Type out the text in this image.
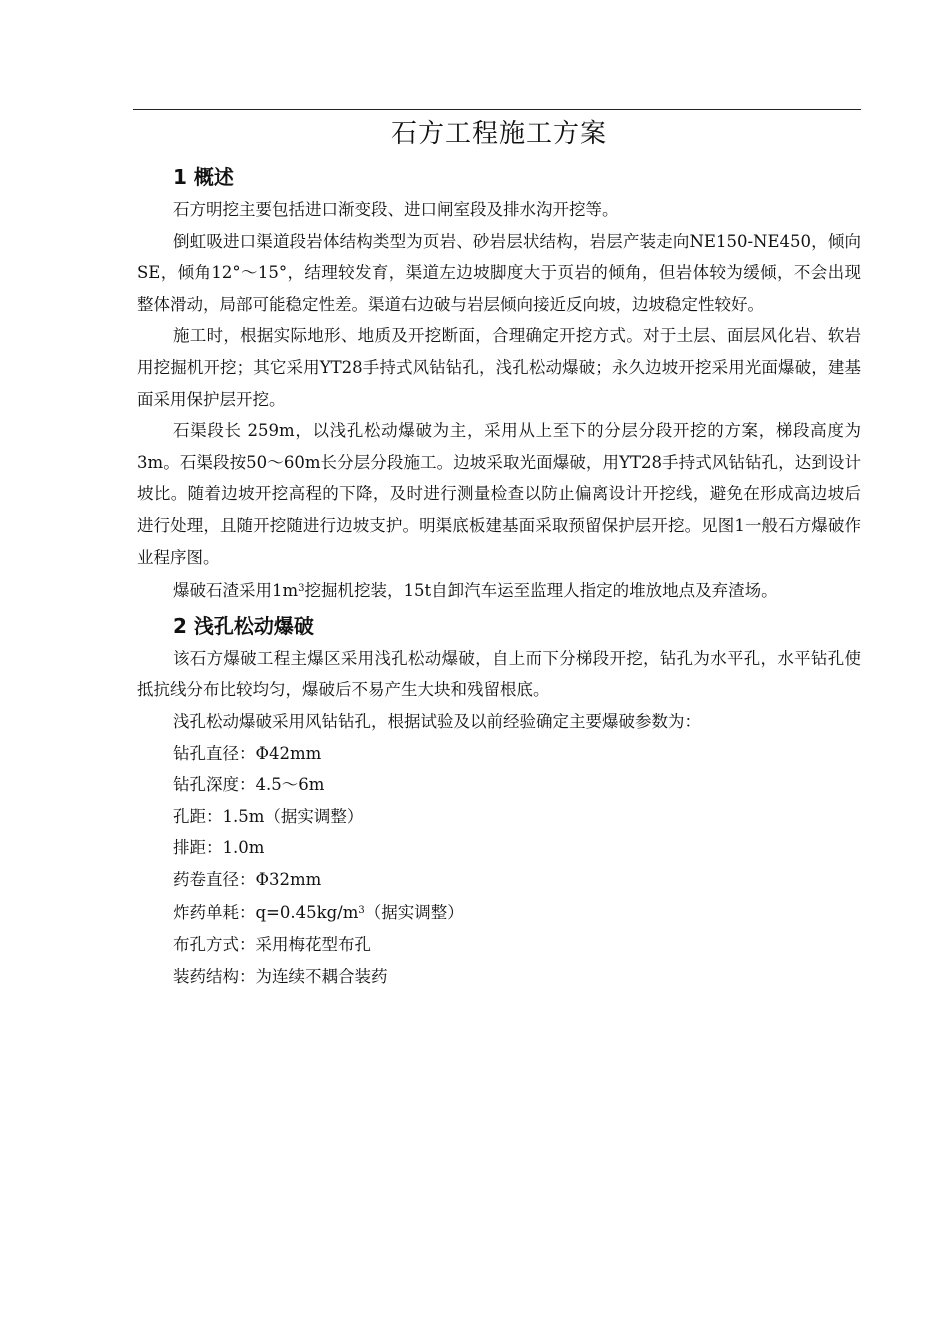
石方工程施工方案
1 概述

石方明挖主要包括进口渐变段、进口闸室段及排水沟开挖等。

倒虹吸进口渠道段岩体结构类型为页岩、砂岩层状结构，岩层产装走向NE150-NE450，倾向SE，倾角12°～15°，结理较发育，渠道左边坡脚度大于页岩的倾角，但岩体较为缓倾，不会出现整体滑动，局部可能稳定性差。渠道右边破与岩层倾向接近反向坡，边坡稳定性较好。

施工时，根据实际地形、地质及开挖断面，合理确定开挖方式。对于土层、面层风化岩、软岩用挖掘机开挖；其它采用YT28手持式风钻钻孔，浅孔松动爆破；永久边坡开挖采用光面爆破，建基面采用保护层开挖。

石渠段长 259m，以浅孔松动爆破为主，采用从上至下的分层分段开挖的方案，梯段高度为3m。石渠段按50～60m长分层分段施工。边坡采取光面爆破，用YT28手持式风钻钻孔，达到设计坡比。随着边坡开挖高程的下降，及时进行测量检查以防止偏离设计开挖线，避免在形成高边坡后进行处理，且随开挖随进行边坡支护。明渠底板建基面采取预留保护层开挖。见图1一般石方爆破作业程序图。

爆破石渣采用$1m^3$挖掘机挖装，15t自卸汽车运至监理人指定的堆放地点及弃渣场。

2 浅孔松动爆破

该石方爆破工程主爆区采用浅孔松动爆破，自上而下分梯段开挖，钻孔为水平孔，水平钻孔使抵抗线分布比较均匀，爆破后不易产生大块和残留根底。

浅孔松动爆破采用风钻钻孔，根据试验及以前经验确定主要爆破参数为：

钻孔直径：Φ42mm
钻孔深度：4.5～6m
孔距：1.5m（据实调整）
排距：1.0m
药卷直径：Φ32mm
炸药单耗：$q=0.45kg/m^3$（据实调整）
布孔方式：采用梅花型布孔
装药结构：为连续不耦合装药
